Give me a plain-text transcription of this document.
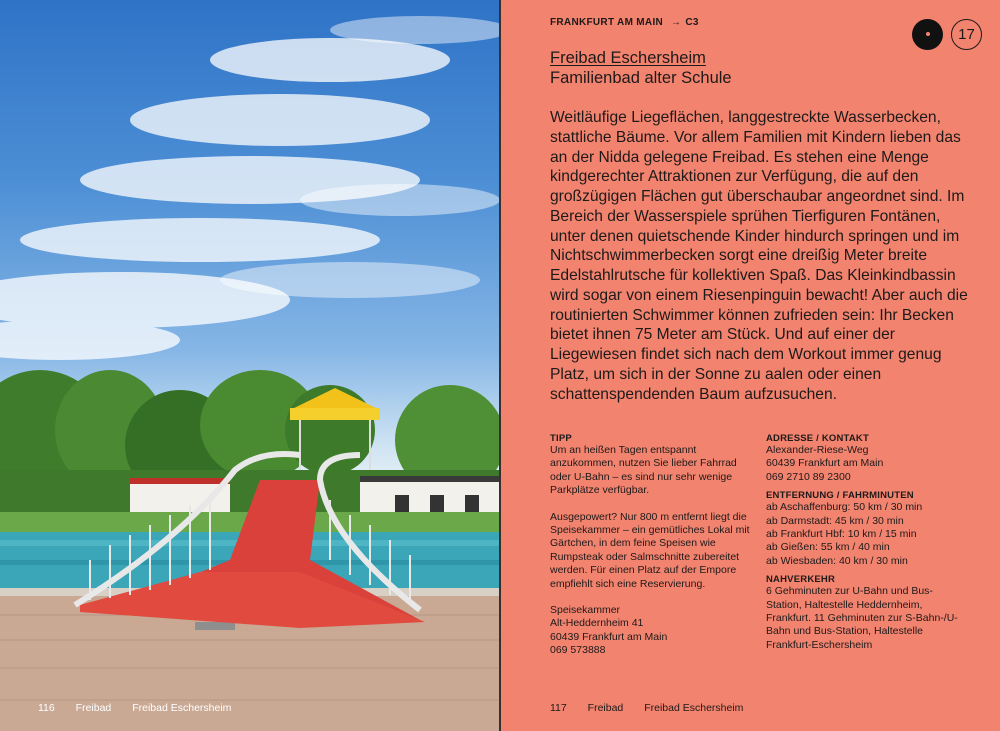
116 Freibad Freibad Eschersheim
FRANKFURT AM MAIN → C3
17
Freibad Eschersheim
Familienbad alter Schule

Weitläufige Liegeflächen, langgestreckte Wasserbecken, stattliche Bäume. Vor allem Familien mit Kindern lieben das an der Nidda gelegene Freibad. Es stehen eine Menge kindgerechter Attraktionen zur Verfügung, die auf den großzügigen Flächen gut überschaubar angeordnet sind. Im Bereich der Wasserspiele sprühen Tierfiguren Fontänen, unter denen quietschende Kinder hindurch springen und im Nichtschwimmerbecken sorgt eine dreißig Meter breite Edelstahlrutsche für kollektiven Spaß. Das Kleinkindbassin wird sogar von einem Riesenpinguin bewacht! Aber auch die routinierten Schwimmer können zufrieden sein: Ihr Becken bietet ihnen 75 Meter am Stück. Und auf einer der Liegewiesen findet sich nach dem Workout immer genug Platz, um sich in der Sonne zu aalen oder einen schattenspendenden Baum aufzusuchen.

TIPP

Um an heißen Tagen entspannt anzukommen, nutzen Sie lieber Fahrrad oder U-Bahn – es sind nur sehr wenige Parkplätze verfügbar.

Ausgepowert? Nur 800 m entfernt liegt die Speisekammer – ein gemütliches Lokal mit Gärtchen, in dem feine Speisen wie Rumpsteak oder Salmschnitte zubereitet werden. Für einen Platz auf der Empore empfiehlt sich eine Reservierung.

Speisekammer

Alt-Heddernheim 41

60439 Frankfurt am Main

069 573888

ADRESSE / KONTAKT

Alexander-Riese-Weg

60439 Frankfurt am Main

069 2710 89 2300

ENTFERNUNG / FAHRMINUTEN

ab Aschaffenburg: 50 km / 30 min

ab Darmstadt: 45 km / 30 min

ab Frankfurt Hbf: 10 km / 15 min

ab Gießen: 55 km / 40 min

ab Wiesbaden: 40 km / 30 min

NAHVERKEHR

6 Gehminuten zur U-Bahn und Bus-Station, Haltestelle Heddernheim, Frankfurt. 11 Gehminuten zur S-Bahn-/U-Bahn und Bus-Station, Haltestelle Frankfurt-Eschersheim

117 Freibad Freibad Eschersheim
